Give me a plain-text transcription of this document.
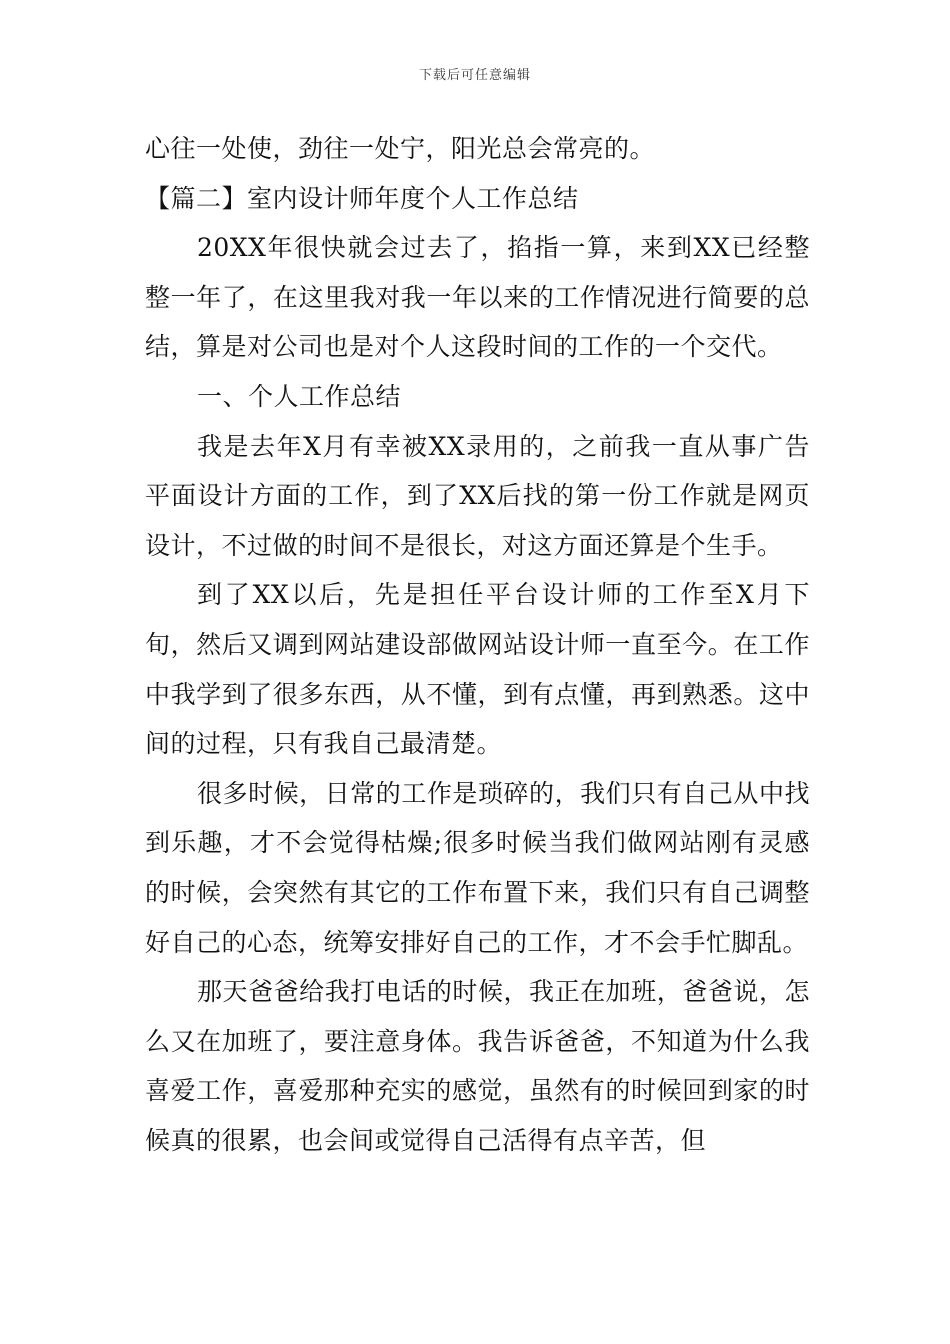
下载后可任意编辑

心往一处使，劲往一处宁，阳光总会常亮的。

【篇二】室内设计师年度个人工作总结

20XX年很快就会过去了，掐指一算，来到XX已经整整一年了，在这里我对我一年以来的工作情况进行简要的总结，算是对公司也是对个人这段时间的工作的一个交代。

一、个人工作总结

我是去年X月有幸被XX录用的，之前我一直从事广告平面设计方面的工作，到了XX后找的第一份工作就是网页设计，不过做的时间不是很长，对这方面还算是个生手。

到了XX以后，先是担任平台设计师的工作至X月下旬，然后又调到网站建设部做网站设计师一直至今。在工作中我学到了很多东西，从不懂，到有点懂，再到熟悉。这中间的过程，只有我自己最清楚。

很多时候，日常的工作是琐碎的，我们只有自己从中找到乐趣，才不会觉得枯燥;很多时候当我们做网站刚有灵感的时候，会突然有其它的工作布置下来，我们只有自己调整好自己的心态，统筹安排好自己的工作，才不会手忙脚乱。

那天爸爸给我打电话的时候，我正在加班，爸爸说，怎么又在加班了，要注意身体。我告诉爸爸，不知道为什么我喜爱工作，喜爱那种充实的感觉，虽然有的时候回到家的时候真的很累，也会间或觉得自己活得有点辛苦，但
